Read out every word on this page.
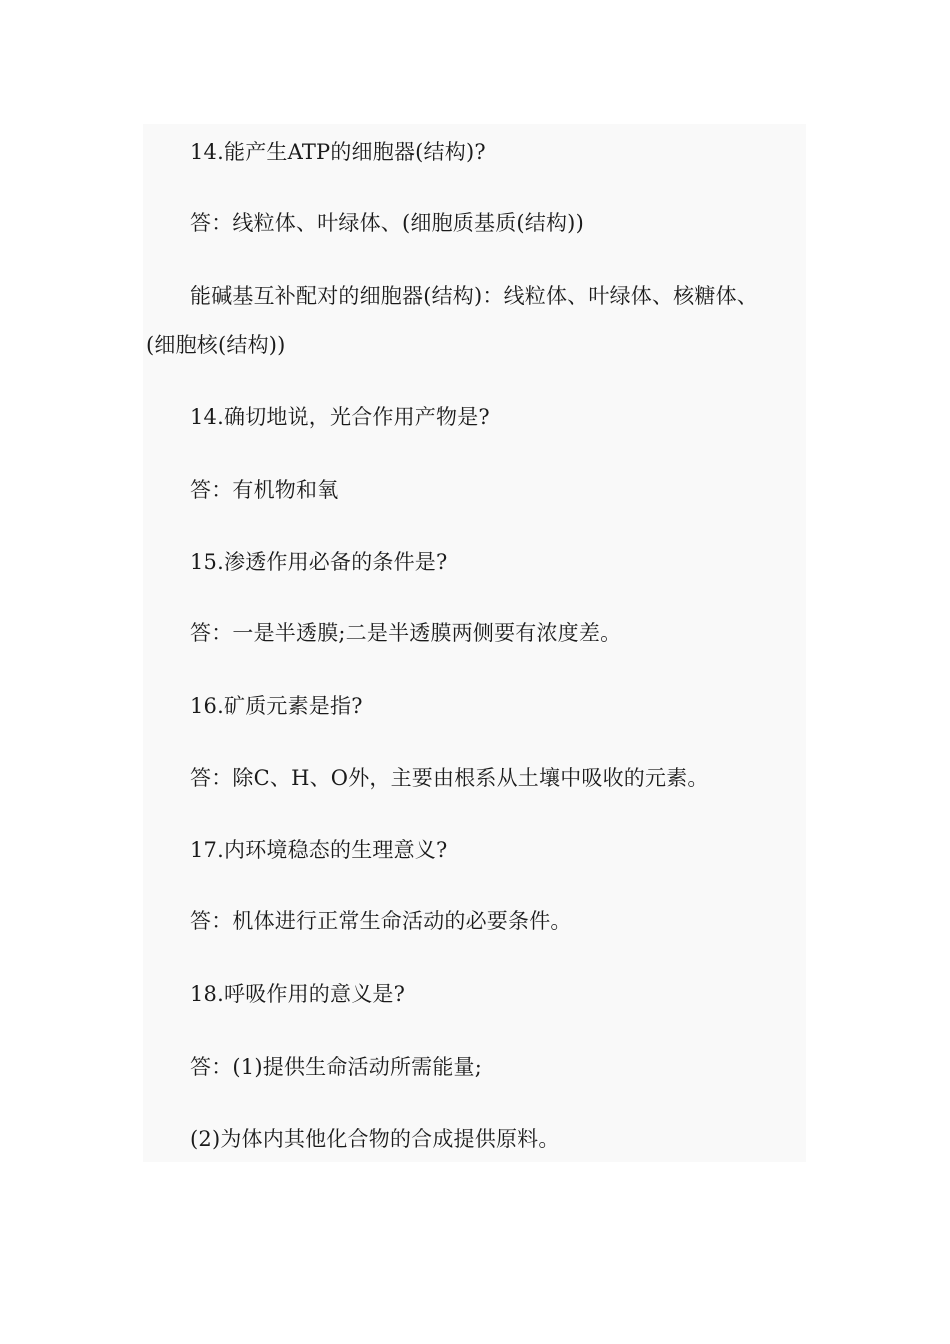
14.能产生ATP的细胞器(结构)?
答：线粒体、叶绿体、(细胞质基质(结构))
能碱基互补配对的细胞器(结构)：线粒体、叶绿体、核糖体、
(细胞核(结构))
14.确切地说，光合作用产物是?
答：有机物和氧
15.渗透作用必备的条件是?
答：一是半透膜;二是半透膜两侧要有浓度差。
16.矿质元素是指?
答：除C、H、O外，主要由根系从土壤中吸收的元素。
17.内环境稳态的生理意义?
答：机体进行正常生命活动的必要条件。
18.呼吸作用的意义是?
答：(1)提供生命活动所需能量;
(2)为体内其他化合物的合成提供原料。
